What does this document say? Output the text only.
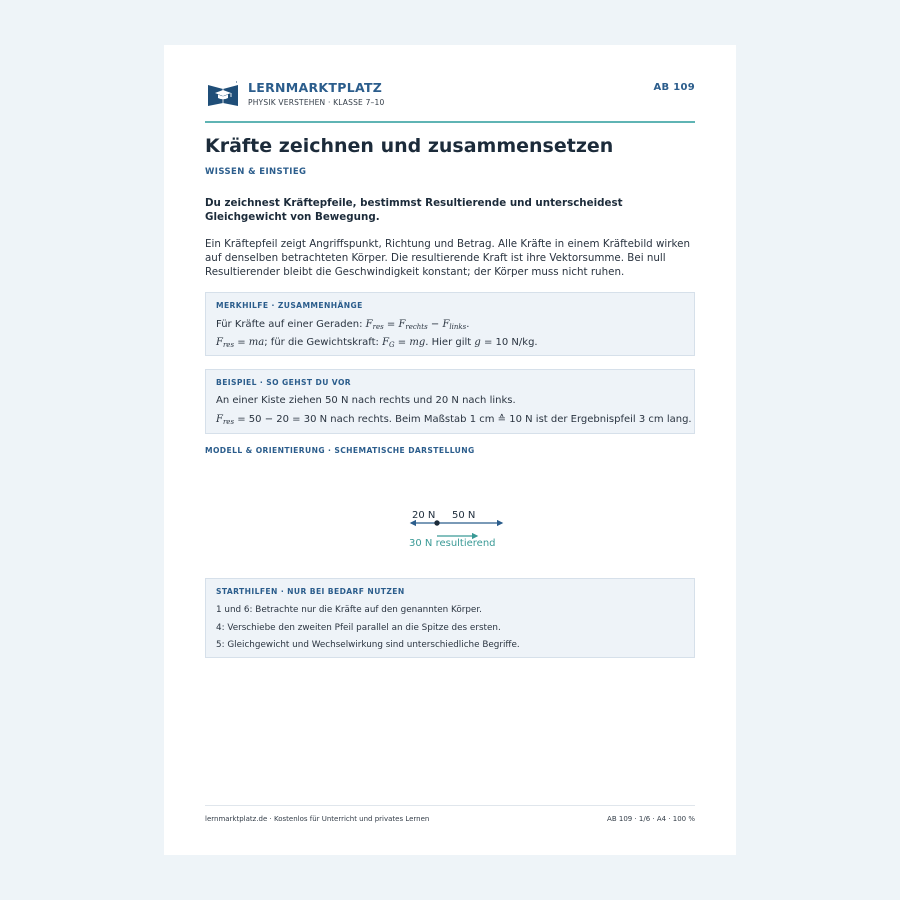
LERNMARKTPLATZ
PHYSIK VERSTEHEN · KLASSE 7–10
AB 109
Kräfte zeichnen und zusammensetzen
WISSEN & EINSTIEG
Du zeichnest Kräftepfeile, bestimmst Resultierende und unterscheidest Gleichgewicht von Bewegung.
Ein Kräftepfeil zeigt Angriffspunkt, Richtung und Betrag. Alle Kräfte in einem Kräftebild wirken auf denselben betrachteten Körper. Die resultierende Kraft ist ihre Vektorsumme. Bei null Resultierender bleibt die Geschwindigkeit konstant; der Körper muss nicht ruhen.
MERKHILFE · ZUSAMMENHÄNGE
Für Kräfte auf einer Geraden: $F_{res} = F_{rechts} - F_{links}$.
$F_{res}$ = ma; für die Gewichtskraft: $F_G$ = mg. Hier gilt g = 10 N/kg.
BEISPIEL · SO GEHST DU VOR
An einer Kiste ziehen 50 N nach rechts und 20 N nach links.
$F_{res} = 50 - 20 = 30$ N nach rechts. Beim Maßstab 1 cm ≙ 10 N ist der Ergebnispfeil 3 cm lang.
MODELL & ORIENTIERUNG · SCHEMATISCHE DARSTELLUNG
20 N 50 N
30 N resultierend
STARTHILFEN · NUR BEI BEDARF NUTZEN
1 und 6: Betrachte nur die Kräfte auf den genannten Körper.
4: Verschiebe den zweiten Pfeil parallel an die Spitze des ersten.
5: Gleichgewicht und Wechselwirkung sind unterschiedliche Begriffe.
lernmarktplatz.de · Kostenlos für Unterricht und privates Lernen	AB 109 · 1/6 · A4 · 100 %
